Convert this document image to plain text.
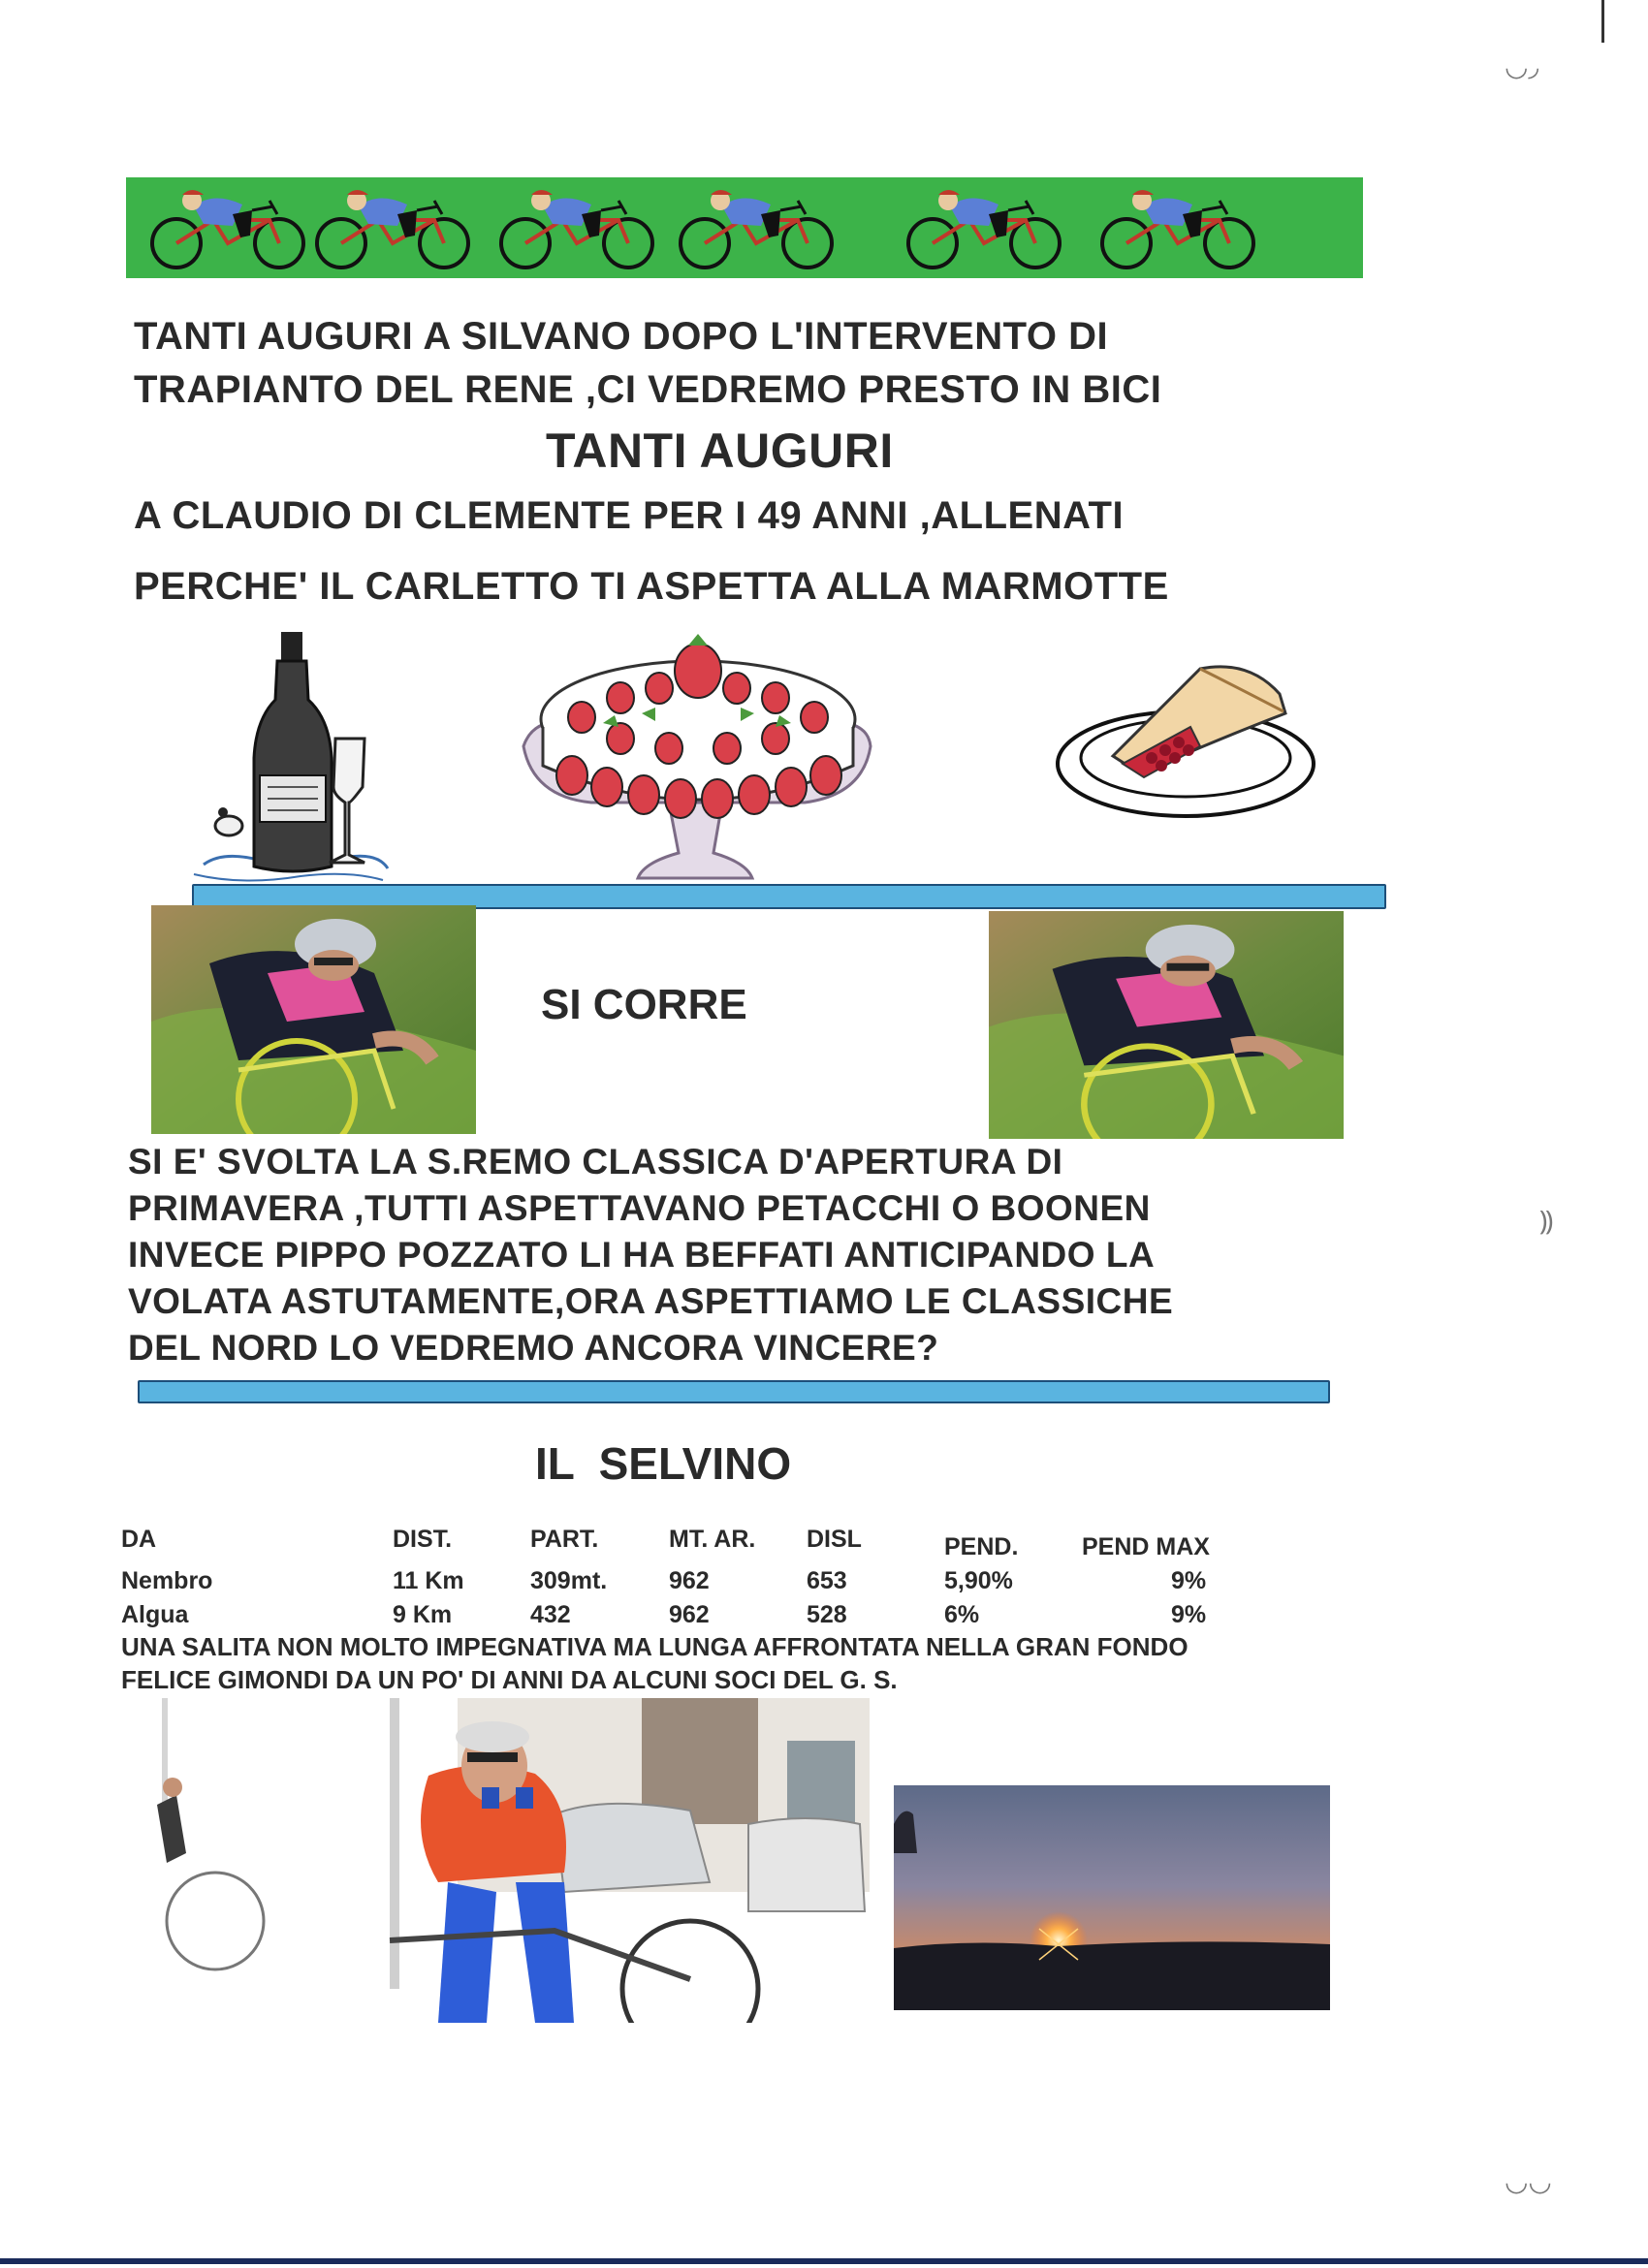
TANTI AUGURI A SILVANO DOPO L'INTERVENTO DI
TRAPIANTO DEL RENE ,CI VEDREMO PRESTO IN BICI
TANTI AUGURI
A CLAUDIO DI CLEMENTE PER I 49 ANNI ,ALLENATI
PERCHE' IL CARLETTO TI ASPETTA ALLA MARMOTTE
SI CORRE
SI E' SVOLTA LA S.REMO CLASSICA D'APERTURA DI
PRIMAVERA ,TUTTI ASPETTAVANO PETACCHI O BOONEN
INVECE PIPPO POZZATO LI HA BEFFATI ANTICIPANDO LA
VOLATA ASTUTAMENTE,ORA ASPETTIAMO LE CLASSICHE
DEL NORD LO VEDREMO ANCORA VINCERE?
IL  SELVINO
DA	DIST.	PART.	MT. AR.	DISL	PEND.	PEND MAX
Nembro	11 Km	309mt.	962	653	5,90%	9%
Algua	9 Km	432	962	528	6%	9%
UNA SALITA NON MOLTO IMPEGNATIVA MA LUNGA AFFRONTATA NELLA GRAN FONDO
FELICE GIMONDI DA UN PO' DI ANNI DA ALCUNI SOCI DEL G. S.
◡◞
⸩
◡◡
